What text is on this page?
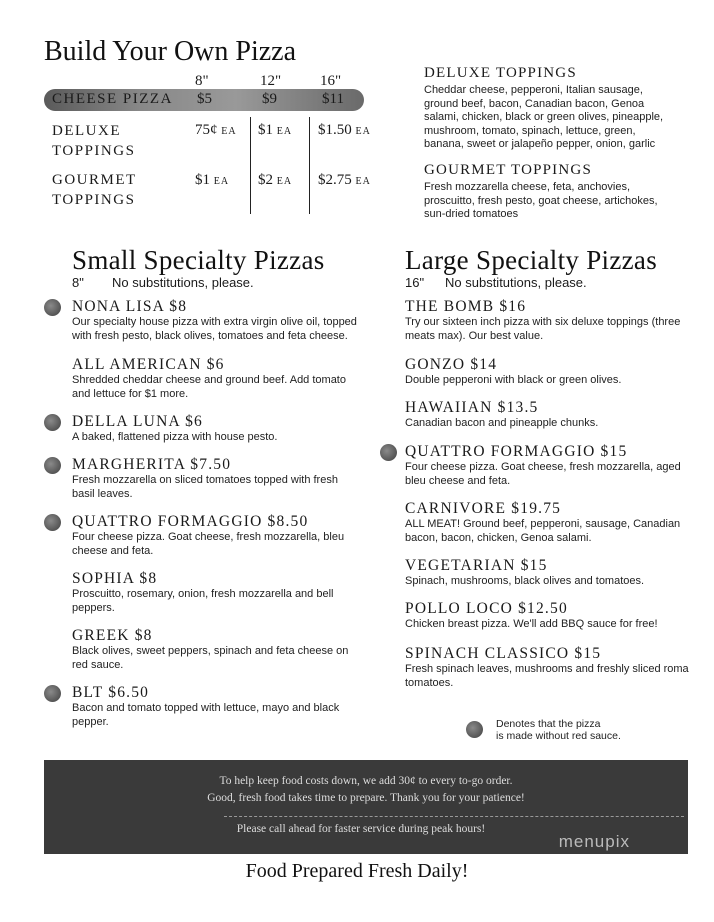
Build Your Own Pizza
8"	12"	16"
CHEESE PIZZA $5	$9	$11
DELUXE
TOPPINGS
75¢ EA $1 EA $1.50 EA
GOURMET
TOPPINGS
$1 EA $2 EA $2.75 EA
DELUXE TOPPINGS
Cheddar cheese, pepperoni, Italian sausage,
ground beef, bacon, Canadian bacon, Genoa
salami, chicken, black or green olives, pineapple,
mushroom, tomato, spinach, lettuce, green,
banana, sweet or jalapeño pepper, onion, garlic
GOURMET TOPPINGS
Fresh mozzarella cheese, feta, anchovies,
proscuitto, fresh pesto, goat cheese, artichokes,
sun-dried tomatoes
Small Specialty Pizzas
8" No substitutions, please.
NONA LISA $8
Our specialty house pizza with extra virgin olive oil, topped
with fresh pesto, black olives, tomatoes and feta cheese.
ALL AMERICAN $6
Shredded cheddar cheese and ground beef. Add tomato
and lettuce for $1 more.
DELLA LUNA $6
A baked, flattened pizza with house pesto.
MARGHERITA $7.50
Fresh mozzarella on sliced tomatoes topped with fresh
basil leaves.
QUATTRO FORMAGGIO $8.50
Four cheese pizza. Goat cheese, fresh mozzarella, bleu
cheese and feta.
SOPHIA $8
Proscuitto, rosemary, onion, fresh mozzarella and bell
peppers.
GREEK $8
Black olives, sweet peppers, spinach and feta cheese on
red sauce.
BLT $6.50
Bacon and tomato topped with lettuce, mayo and black
pepper.
Large Specialty Pizzas
16" No substitutions, please.
THE BOMB $16
Try our sixteen inch pizza with six deluxe toppings (three
meats max). Our best value.
GONZO $14
Double pepperoni with black or green olives.
HAWAIIAN $13.5
Canadian bacon and pineapple chunks.
QUATTRO FORMAGGIO $15
Four cheese pizza. Goat cheese, fresh mozzarella, aged
bleu cheese and feta.
CARNIVORE $19.75
ALL MEAT! Ground beef, pepperoni, sausage, Canadian
bacon, bacon, chicken, Genoa salami.
VEGETARIAN $15
Spinach, mushrooms, black olives and tomatoes.
POLLO LOCO $12.50
Chicken breast pizza. We'll add BBQ sauce for free!
SPINACH CLASSICO $15
Fresh spinach leaves, mushrooms and freshly sliced roma
tomatoes.
Denotes that the pizza
is made without red sauce.
To help keep food costs down, we add 30¢ to every to-go order.
Good, fresh food takes time to prepare. Thank you for your patience!
Please call ahead for faster service during peak hours!
menupix
Food Prepared Fresh Daily!
